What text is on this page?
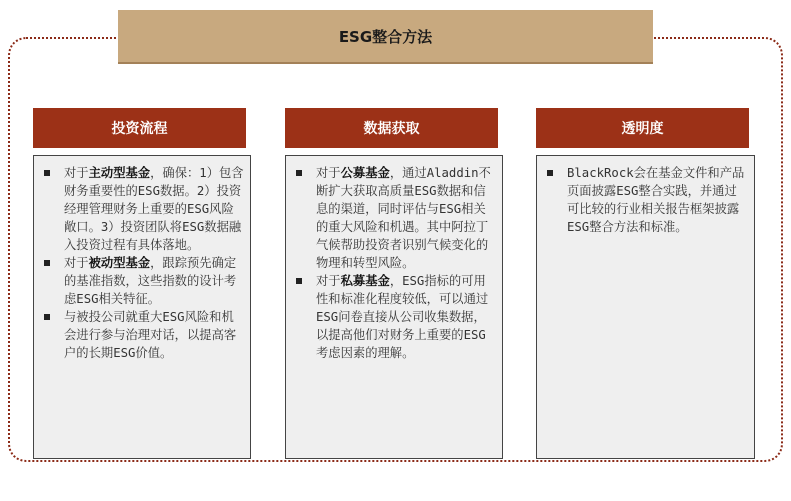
ESG整合方法
投资流程	数据获取	透明度
对于主动型基金，确保：1）包含财务重要性的ESG数据。2）投资经理管理财务上重要的ESG风险敞口。3）投资团队将ESG数据融入投资过程有具体落地。
对于被动型基金，跟踪预先确定的基准指数，这些指数的设计考虑ESG相关特征。
与被投公司就重大ESG风险和机会进行参与治理对话，以提高客户的长期ESG价值。
对于公募基金，通过Aladdin不断扩大获取高质量ESG数据和信息的渠道，同时评估与ESG相关的重大风险和机遇。其中阿拉丁气候帮助投资者识别气候变化的物理和转型风险。
对于私募基金，ESG指标的可用性和标准化程度较低，可以通过ESG问卷直接从公司收集数据，以提高他们对财务上重要的ESG考虑因素的理解。
BlackRock会在基金文件和产品页面披露ESG整合实践，并通过可比较的行业相关报告框架披露ESG整合方法和标准。
